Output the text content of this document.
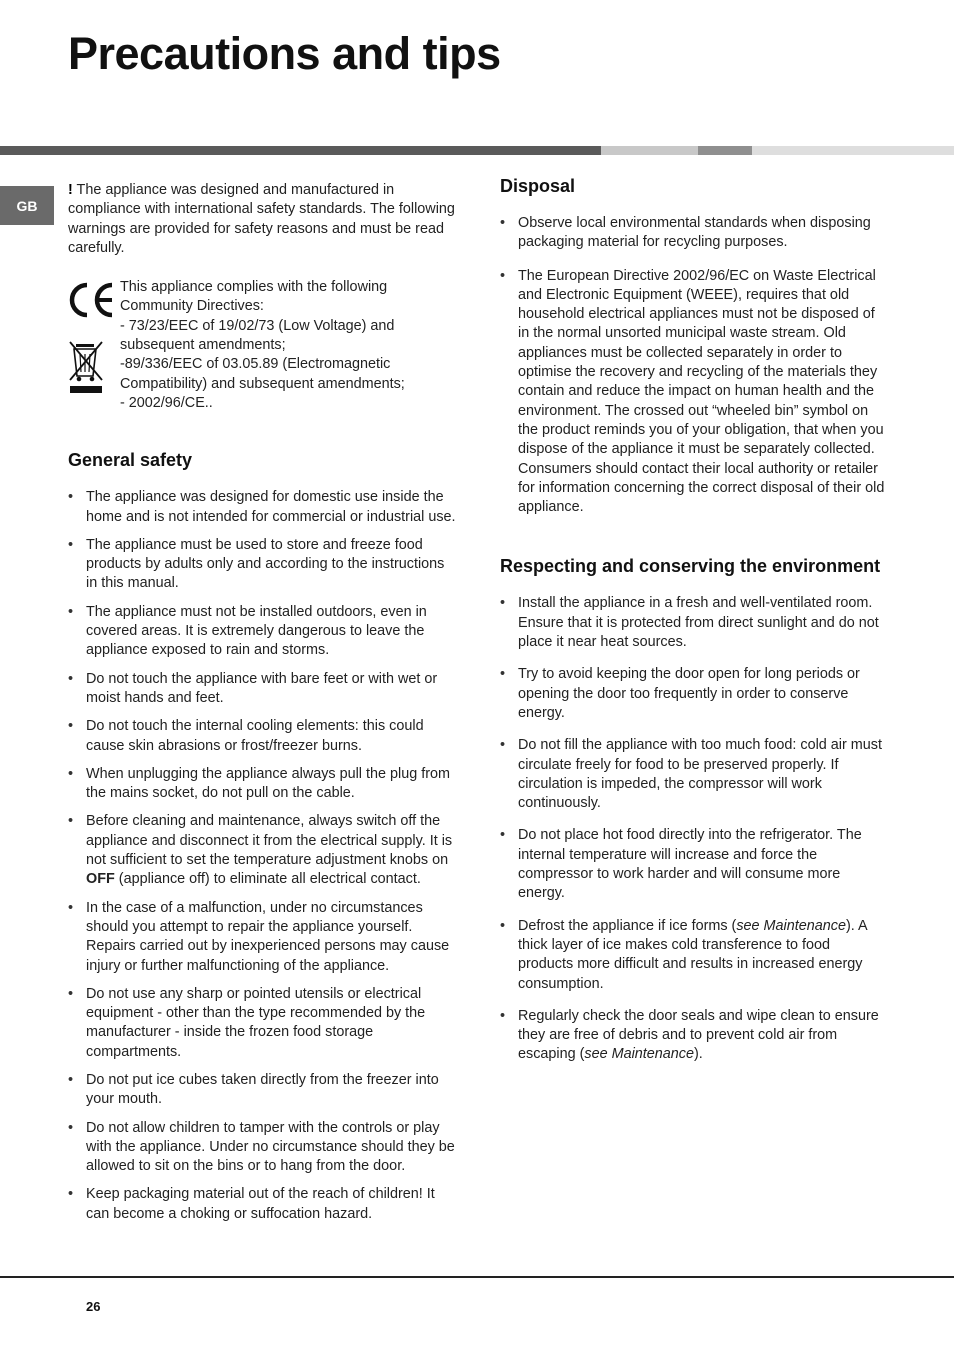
Precautions and tips
GB

! The appliance was designed and manufactured in compliance with international safety standards. The following warnings are provided for safety reasons and must be read carefully.

This appliance complies with the following Community Directives:

- 73/23/EEC of 19/02/73 (Low Voltage) and subsequent amendments;

-89/336/EEC of 03.05.89 (Electromagnetic Compatibility) and subsequent amendments;

- 2002/96/CE..

General safety
• The appliance was designed for domestic use inside the home and is not intended for commercial or industrial use.
• The appliance must be used to store and freeze food products by adults only and according to the instructions in this manual.
• The appliance must not be installed outdoors, even in covered areas. It is extremely dangerous to leave the appliance exposed to rain and storms.
• Do not touch the appliance with bare feet or with wet or moist hands and feet.
• Do not touch the internal cooling elements: this could cause skin abrasions or frost/freezer burns.
• When unplugging the appliance always pull the plug from the mains socket, do not pull on the cable.
• Before cleaning and maintenance, always switch off the appliance and disconnect it from the electrical supply. It is not sufficient to set the temperature adjustment knobs on OFF (appliance off) to eliminate all electrical contact.
• In the case of a malfunction, under no circumstances should you attempt to repair the appliance yourself. Repairs carried out by inexperienced persons may cause injury or further malfunctioning of the appliance.
• Do not use any sharp or pointed utensils or electrical equipment - other than the type recommended by the manufacturer - inside the frozen food storage compartments.
• Do not put ice cubes taken directly from the freezer into your mouth.
• Do not allow children to tamper with the controls or play with the appliance. Under no circumstance should they be allowed to sit on the bins or to hang from the door.
• Keep packaging material out of the reach of children! It can become a choking or suffocation hazard.
Disposal
• Observe local environmental standards when disposing packaging material for recycling purposes.
• The European Directive 2002/96/EC on Waste Electrical and Electronic Equipment (WEEE), requires that old household electrical appliances must not be disposed of in the normal unsorted municipal waste stream. Old appliances must be collected separately in order to optimise the recovery and recycling of the materials they contain and reduce the impact on human health and the environment. The crossed out “wheeled bin” symbol on the product reminds you of your obligation, that when you dispose of the appliance it must be separately collected.
Consumers should contact their local authority or retailer for information concerning the correct disposal of their old appliance.
Respecting and conserving the environment
• Install the appliance in a fresh and well-ventilated room. Ensure that it is protected from direct sunlight and do not place it near heat sources.
• Try to avoid keeping the door open for long periods or opening the door too frequently in order to conserve energy.
• Do not fill the appliance with too much food: cold air must circulate freely for food to be preserved properly. If circulation is impeded, the compressor will work continuously.
• Do not place hot food directly into the refrigerator. The internal temperature will increase and force the compressor to work harder and will consume more energy.
• Defrost the appliance if ice forms (see Maintenance). A thick layer of ice makes cold transference to food products more difficult and results in increased energy consumption.
• Regularly check the door seals and wipe clean to ensure they are free of debris and to prevent cold air from escaping (see Maintenance).
26
